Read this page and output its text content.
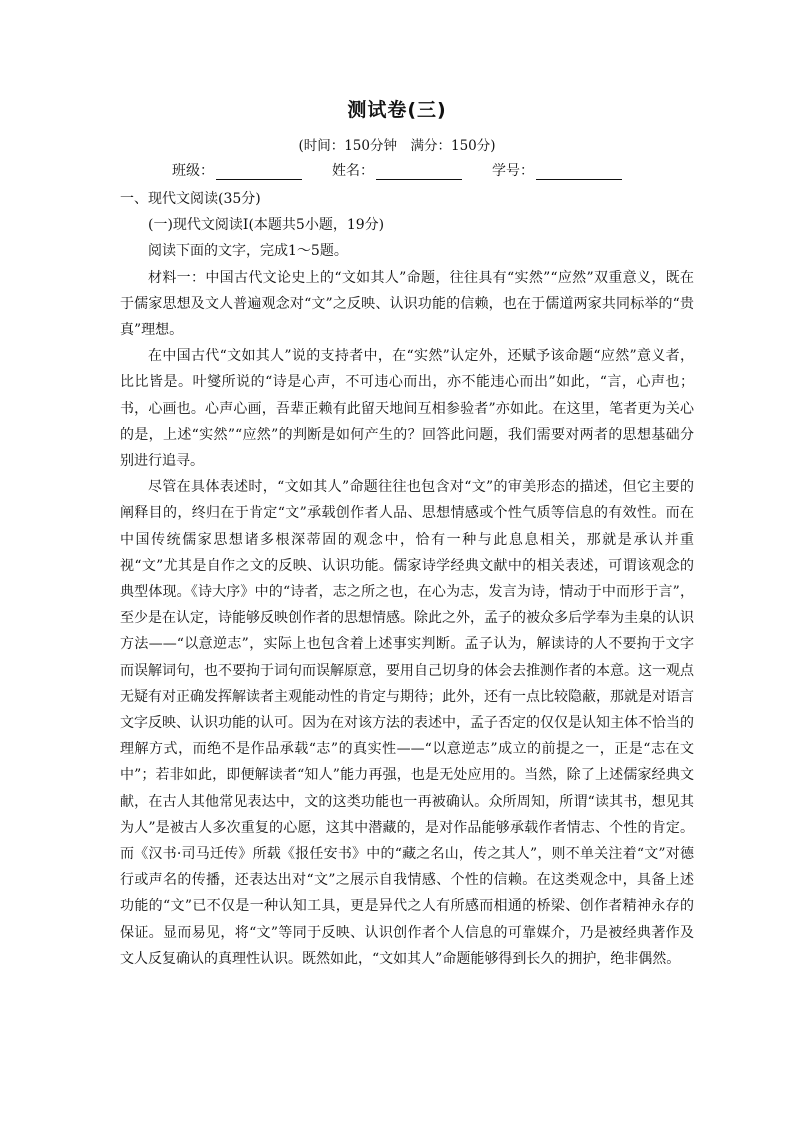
测试卷(三)
(时间：150分钟　满分：150分)
班级：	姓名：	学号：

一、现代文阅读(35分)

(一)现代文阅读Ⅰ(本题共5小题，19分)

阅读下面的文字，完成1～5题。

材料一：中国古代文论史上的“文如其人”命题，往往具有“实然”“应然”双重意义，既在于儒家思想及文人普遍观念对“文”之反映、认识功能的信赖，也在于儒道两家共同标举的“贵真”理想。

在中国古代“文如其人”说的支持者中，在“实然”认定外，还赋予该命题“应然”意义者，比比皆是。叶燮所说的“诗是心声，不可违心而出，亦不能违心而出”如此，“言，心声也；书，心画也。心声心画，吾辈正赖有此留天地间互相参验者”亦如此。在这里，笔者更为关心的是，上述“实然”“应然”的判断是如何产生的？回答此问题，我们需要对两者的思想基础分别进行追寻。

尽管在具体表述时，“文如其人”命题往往也包含对“文”的审美形态的描述，但它主要的阐释目的，终归在于肯定“文”承载创作者人品、思想情感或个性气质等信息的有效性。而在中国传统儒家思想诸多根深蒂固的观念中，恰有一种与此息息相关，那就是承认并重视“文”尤其是自作之文的反映、认识功能。儒家诗学经典文献中的相关表述，可谓该观念的典型体现。《诗大序》中的“诗者，志之所之也，在心为志，发言为诗，情动于中而形于言”，至少是在认定，诗能够反映创作者的思想情感。除此之外，孟子的被众多后学奉为圭臬的认识方法——“以意逆志”，实际上也包含着上述事实判断。孟子认为，解读诗的人不要拘于文字而误解词句，也不要拘于词句而误解原意，要用自己切身的体会去推测作者的本意。这一观点无疑有对正确发挥解读者主观能动性的肯定与期待；此外，还有一点比较隐蔽，那就是对语言文字反映、认识功能的认可。因为在对该方法的表述中，孟子否定的仅仅是认知主体不恰当的理解方式，而绝不是作品承载“志”的真实性——“以意逆志”成立的前提之一，正是“志在文中”；若非如此，即便解读者“知人”能力再强，也是无处应用的。当然，除了上述儒家经典文献，在古人其他常见表达中，文的这类功能也一再被确认。众所周知，所谓“读其书，想见其为人”是被古人多次重复的心愿，这其中潜藏的，是对作品能够承载作者情志、个性的肯定。而《汉书·司马迁传》所载《报任安书》中的“藏之名山，传之其人”，则不单关注着“文”对德行或声名的传播，还表达出对“文”之展示自我情感、个性的信赖。在这类观念中，具备上述功能的“文”已不仅是一种认知工具，更是异代之人有所感而相通的桥梁、创作者精神永存的保证。显而易见，将“文”等同于反映、认识创作者个人信息的可靠媒介，乃是被经典著作及文人反复确认的真理性认识。既然如此，“文如其人”命题能够得到长久的拥护，绝非偶然。
